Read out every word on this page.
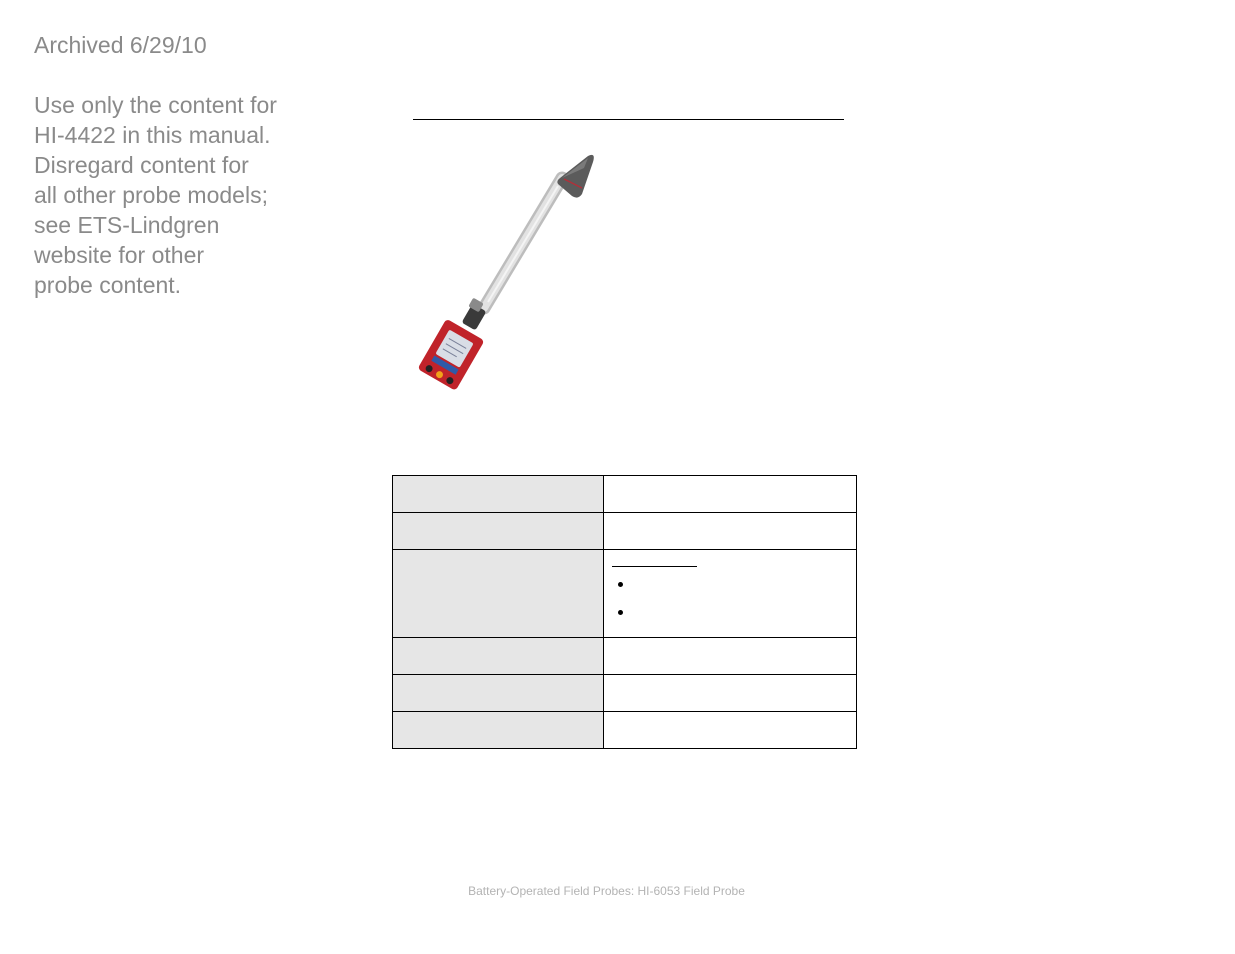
Archived 6/29/10

Use only the content for
HI-4422 in this manual.
Disregard content for
all other probe models;
see ETS-Lindgren
website for other
probe content.

Battery-Operated Field Probes: HI-6053 Field Probe
